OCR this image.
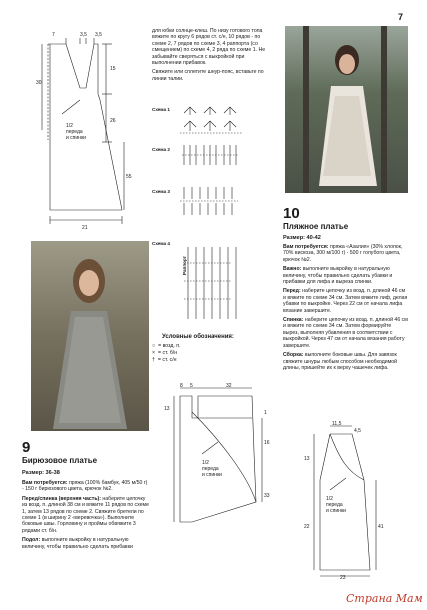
7
7	3,5 3,5
15
30
26
55
21
1/2
переда
и спинки

для юбки солнце-клеш. По низу готового топа вяжите по кругу 6 рядов ст. с/н, 10 рядов - по схеме 2, 7 рядов по схеме 3, 4 раппорта (со смещением) по схеме 4, 2 ряда по схеме 1. Не забывайте сверяться с выкройкой при выполнении прибавок.

Свяжите или сплетите шнур-пояс, вставьте по линии талии.

Схема 1
Схема 2
Схема 3
Схема 4
Раппорт
Условные обозначения:
○ = возд. п.
× = ст. б/н
† = ст. с/н
9
Бирюзовое платье
Размер: 36-38

Вам потребуется: пряжа (100% бамбук, 405 м/50 г) - 150 г бирюзового цвета, крючок №2.

Перед/спинка (верхняя часть): наберите цепочку из возд. п. длиной 38 см и вяжите 11 рядов по схеме 1, затем 13 рядов по схеме 2. Свяжите бретели по схеме 1 (в ширину 2 «веревочка»). Выполните боковые швы. Горловину и проймы обвяжите 3 рядами ст. б/н.

Подол: выполните выкройку в натуральную величину, чтобы правильно сделать прибавки

10
Пляжное платье
Размер: 40-42

Вам потребуется: пряжа «Азалия» (30% хлопок, 70% вискоза, 300 м/100 г) - 500 г голубого цвета, крючок №2.

Важно: выполните выкройку в натуральную величину, чтобы правильно сделать убавки и прибавки для лифа и выреза спинки.

Перед: наберите цепочку из возд. п. длиной 46 см и вяжите по схеме 34 см. Затем вяжите лиф, делая убавки по выкройке. Через 22 см от начала лифа вязание завершите.

Спинка: наберите цепочку из возд. п. длиной 46 см и вяжите по схеме 34 см. Затем формируйте вырез, выполняя убавления в соответствии с выкройкой. Через 47 см от начала вязания работу завершите.

Сборка: выполните боковые швы. Для завязок свяжите шнуры любым способом необходимой длины, пришейте их к верху чашечек лифа.

8 5	32
13
1
16
33
1/2
переда
и спинки
11,5
4,5
13
22	41
23
1/2
переда
и спинки
Страна Мам
